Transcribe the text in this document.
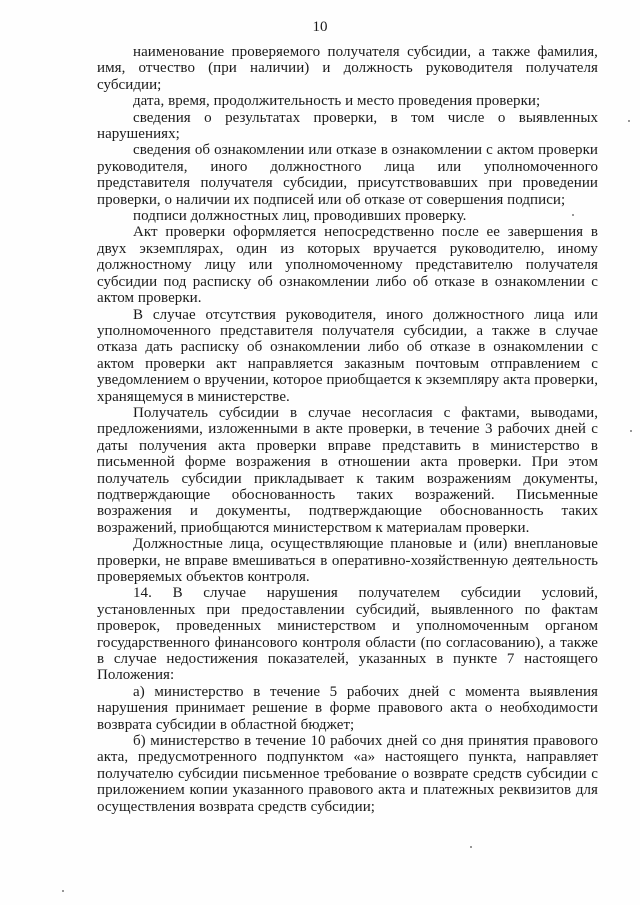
10

наименование проверяемого получателя субсидии, а также фамилия, имя, отчество (при наличии) и должность руководителя получателя субсидии;

дата, время, продолжительность и место проведения проверки;

сведения о результатах проверки, в том числе о выявленных нарушениях;

сведения об ознакомлении или отказе в ознакомлении с актом проверки руководителя, иного должностного лица или уполномоченного представителя получателя субсидии, присутствовавших при проведении проверки, о наличии их подписей или об отказе от совершения подписи;

подписи должностных лиц, проводивших проверку.

Акт проверки оформляется непосредственно после ее завершения в двух экземплярах, один из которых вручается руководителю, иному должностному лицу или уполномоченному представителю получателя субсидии под расписку об ознакомлении либо об отказе в ознакомлении с актом проверки.

В случае отсутствия руководителя, иного должностного лица или уполномоченного представителя получателя субсидии, а также в случае отказа дать расписку об ознакомлении либо об отказе в ознакомлении с актом проверки акт направляется заказным почтовым отправлением с уведомлением о вручении, которое приобщается к экземпляру акта проверки, хранящемуся в министерстве.

Получатель субсидии в случае несогласия с фактами, выводами, предложениями, изложенными в акте проверки, в течение 3 рабочих дней с даты получения акта проверки вправе представить в министерство в письменной форме возражения в отношении акта проверки. При этом получатель субсидии прикладывает к таким возражениям документы, подтверждающие обоснованность таких возражений. Письменные возражения и документы, подтверждающие обоснованность таких возражений, приобщаются министерством к материалам проверки.

Должностные лица, осуществляющие плановые и (или) внеплановые проверки, не вправе вмешиваться в оперативно-хозяйственную деятельность проверяемых объектов контроля.

14. В случае нарушения получателем субсидии условий, установленных при предоставлении субсидий, выявленного по фактам проверок, проведенных министерством и уполномоченным органом государственного финансового контроля области (по согласованию), а также в случае недостижения показателей, указанных в пункте 7 настоящего Положения:

а) министерство в течение 5 рабочих дней с момента выявления нарушения принимает решение в форме правового акта о необходимости возврата субсидии в областной бюджет;

б) министерство в течение 10 рабочих дней со дня принятия правового акта, предусмотренного подпунктом «а» настоящего пункта, направляет получателю субсидии письменное требование о возврате средств субсидии с приложением копии указанного правового акта и платежных реквизитов для осуществления возврата средств субсидии;
